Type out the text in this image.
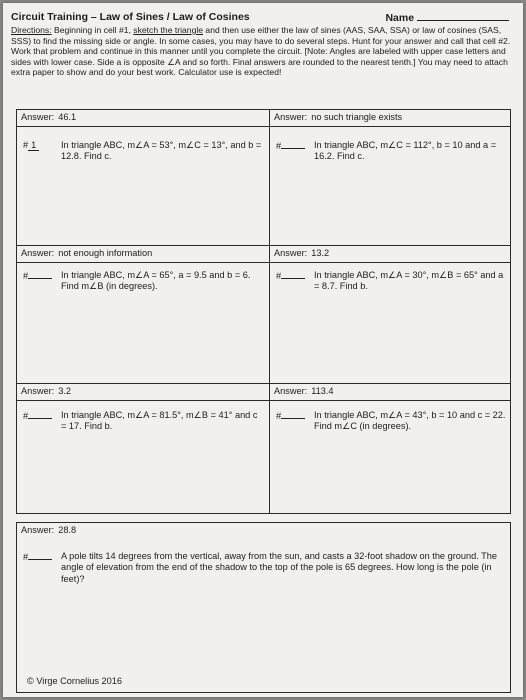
Circuit Training – Law of Sines / Law of Cosines	Name
Directions: Beginning in cell #1, sketch the triangle and then use either the law of sines (AAS, SAA, SSA) or law of cosines (SAS, SSS) to find the missing side or angle. In some cases, you may have to do several steps. Hunt for your answer and call that cell #2. Work that problem and continue in this manner until you complete the circuit. [Note: Angles are labeled with upper case letters and sides with lower case. Side a is opposite ∠A and so forth. Final answers are rounded to the nearest tenth.] You may need to attach extra paper to show and do your best work. Calculator use is expected!
Answer: 46.1
# 1	In triangle ABC, m∠A = 53°, m∠C = 13°, and b = 12.8. Find c.
Answer: no such triangle exists
#	In triangle ABC, m∠C = 112°, b = 10 and a = 16.2. Find c.
Answer: not enough information
#	In triangle ABC, m∠A = 65°, a = 9.5 and b = 6. Find m∠B (in degrees).
Answer: 13.2
#	In triangle ABC, m∠A = 30°, m∠B = 65° and a = 8.7. Find b.
Answer: 3.2
#	In triangle ABC, m∠A = 81.5°, m∠B = 41° and c = 17. Find b.
Answer: 113.4
#	In triangle ABC, m∠A = 43°, b = 10 and c = 22. Find m∠C (in degrees).
Answer: 28.8
#	A pole tilts 14 degrees from the vertical, away from the sun, and casts a 32-foot shadow on the ground. The angle of elevation from the end of the shadow to the top of the pole is 65 degrees. How long is the pole (in feet)?
© Virge Cornelius 2016
